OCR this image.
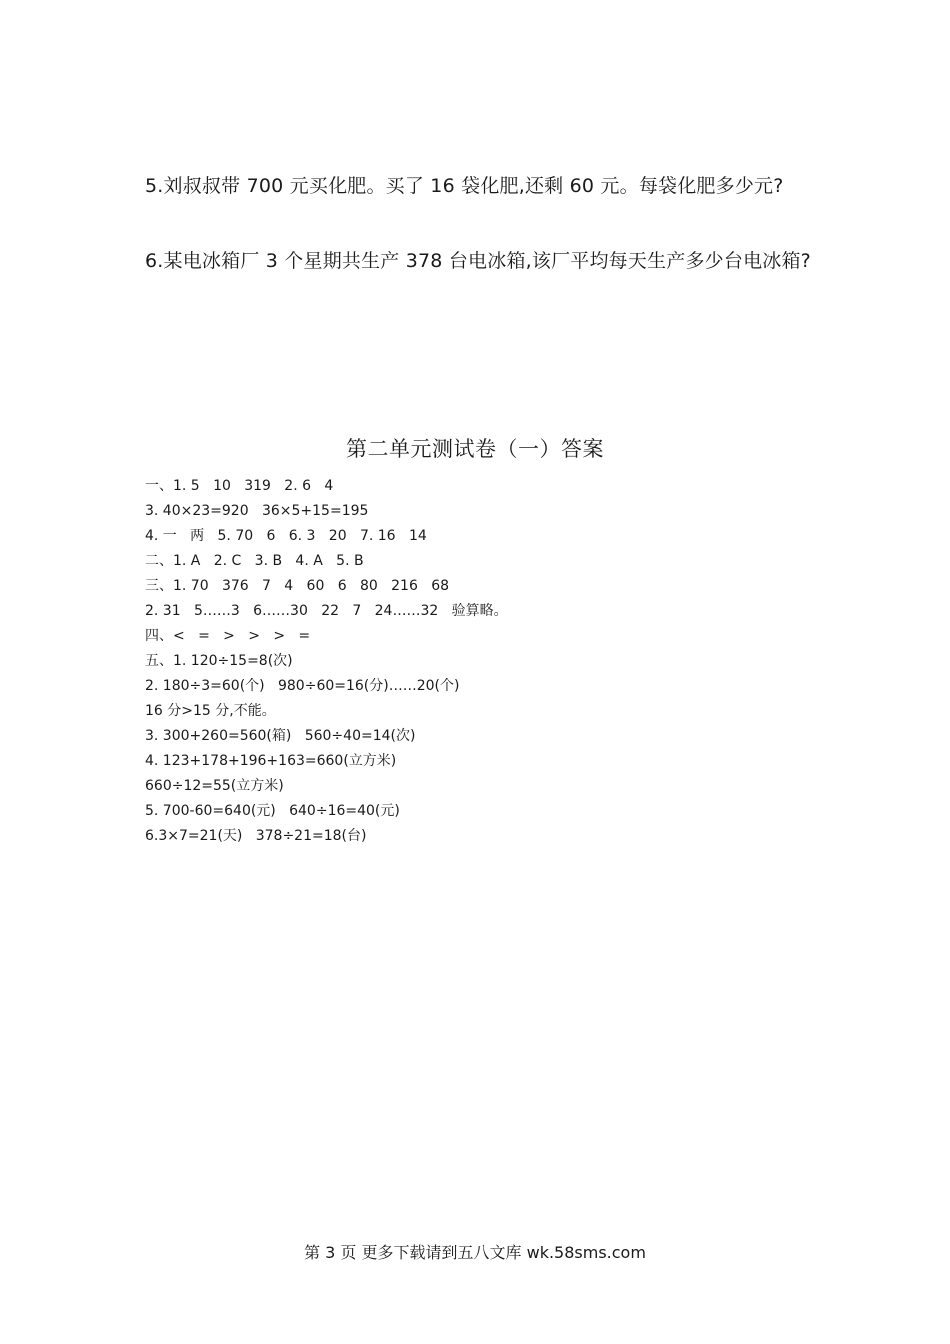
5.刘叔叔带 700 元买化肥。买了 16 袋化肥,还剩 60 元。每袋化肥多少元?
6.某电冰箱厂 3 个星期共生产 378 台电冰箱,该厂平均每天生产多少台电冰箱?
第二单元测试卷（一）答案
一、1. 5   10   319   2. 6   4
3. 40×23=920   36×5+15=195
4. 一   两   5. 70   6   6. 3   20   7. 16   14
二、1. A   2. C   3. B   4. A   5. B
三、1. 70   376   7   4   60   6   80   216   68
2. 31   5……3   6……30   22   7   24……32   验算略。
四、<   =   >   >   >   =
五、1. 120÷15=8(次)
2. 180÷3=60(个)   980÷60=16(分)……20(个)
16 分>15 分,不能。
3. 300+260=560(箱)   560÷40=14(次)
4. 123+178+196+163=660(立方米)
660÷12=55(立方米)
5. 700-60=640(元)   640÷16=40(元)
6.3×7=21(天)   378÷21=18(台)
第 3 页 更多下载请到五八文库 wk.58sms.com
